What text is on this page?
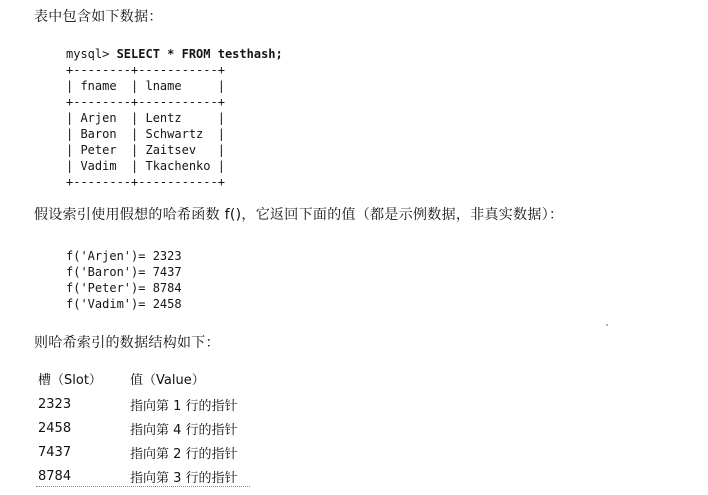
表中包含如下数据：
mysql> SELECT * FROM testhash;
+--------+-----------+
| fname  | lname     |
+--------+-----------+
| Arjen  | Lentz     |
| Baron  | Schwartz  |
| Peter  | Zaitsev   |
| Vadim  | Tkachenko |
+--------+-----------+
假设索引使用假想的哈希函数 f()，它返回下面的值（都是示例数据，非真实数据）：
f('Arjen')= 2323
f('Baron')= 7437
f('Peter')= 8784
f('Vadim')= 2458
则哈希索引的数据结构如下：
槽（Slot）	值（Value）
2323	指向第 1 行的指针
2458	指向第 4 行的指针
7437	指向第 2 行的指针
8784	指向第 3 行的指针
